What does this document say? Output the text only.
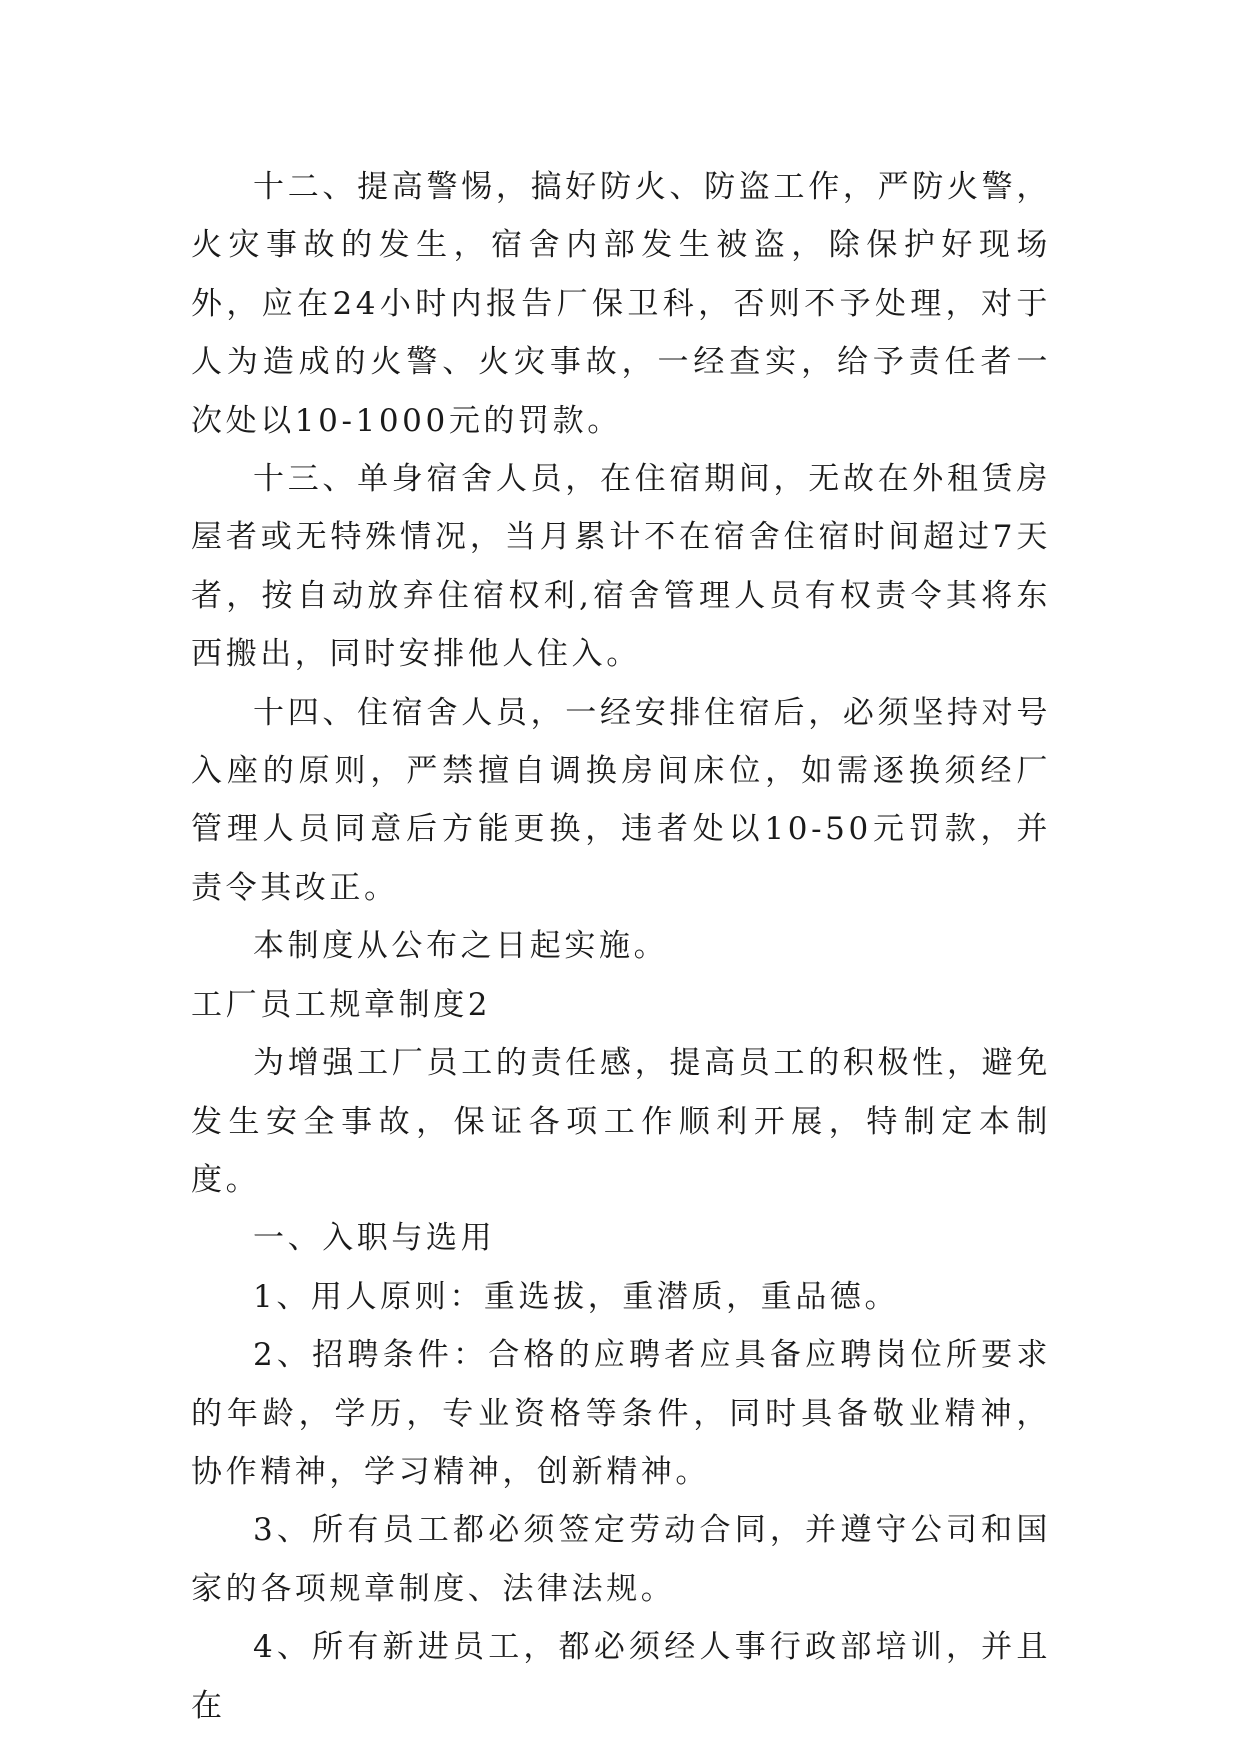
十二、提高警惕，搞好防火、防盗工作，严防火警，火灾事故的发生，宿舍内部发生被盗，除保护好现场外，应在24小时内报告厂保卫科，否则不予处理，对于人为造成的火警、火灾事故，一经查实，给予责任者一次处以10-1000元的罚款。

十三、单身宿舍人员，在住宿期间，无故在外租赁房屋者或无特殊情况，当月累计不在宿舍住宿时间超过7天者，按自动放弃住宿权利,宿舍管理人员有权责令其将东西搬出，同时安排他人住入。

十四、住宿舍人员，一经安排住宿后，必须坚持对号入座的原则，严禁擅自调换房间床位，如需逐换须经厂管理人员同意后方能更换，违者处以10-50元罚款，并责令其改正。

本制度从公布之日起实施。

工厂员工规章制度2

为增强工厂员工的责任感，提高员工的积极性，避免发生安全事故，保证各项工作顺利开展，特制定本制度。

一、入职与选用

1、用人原则：重选拔，重潜质，重品德。

2、招聘条件：合格的应聘者应具备应聘岗位所要求的年龄，学历，专业资格等条件，同时具备敬业精神，协作精神，学习精神，创新精神。

3、所有员工都必须签定劳动合同，并遵守公司和国家的各项规章制度、法律法规。

4、所有新进员工，都必须经人事行政部培训，并且在
